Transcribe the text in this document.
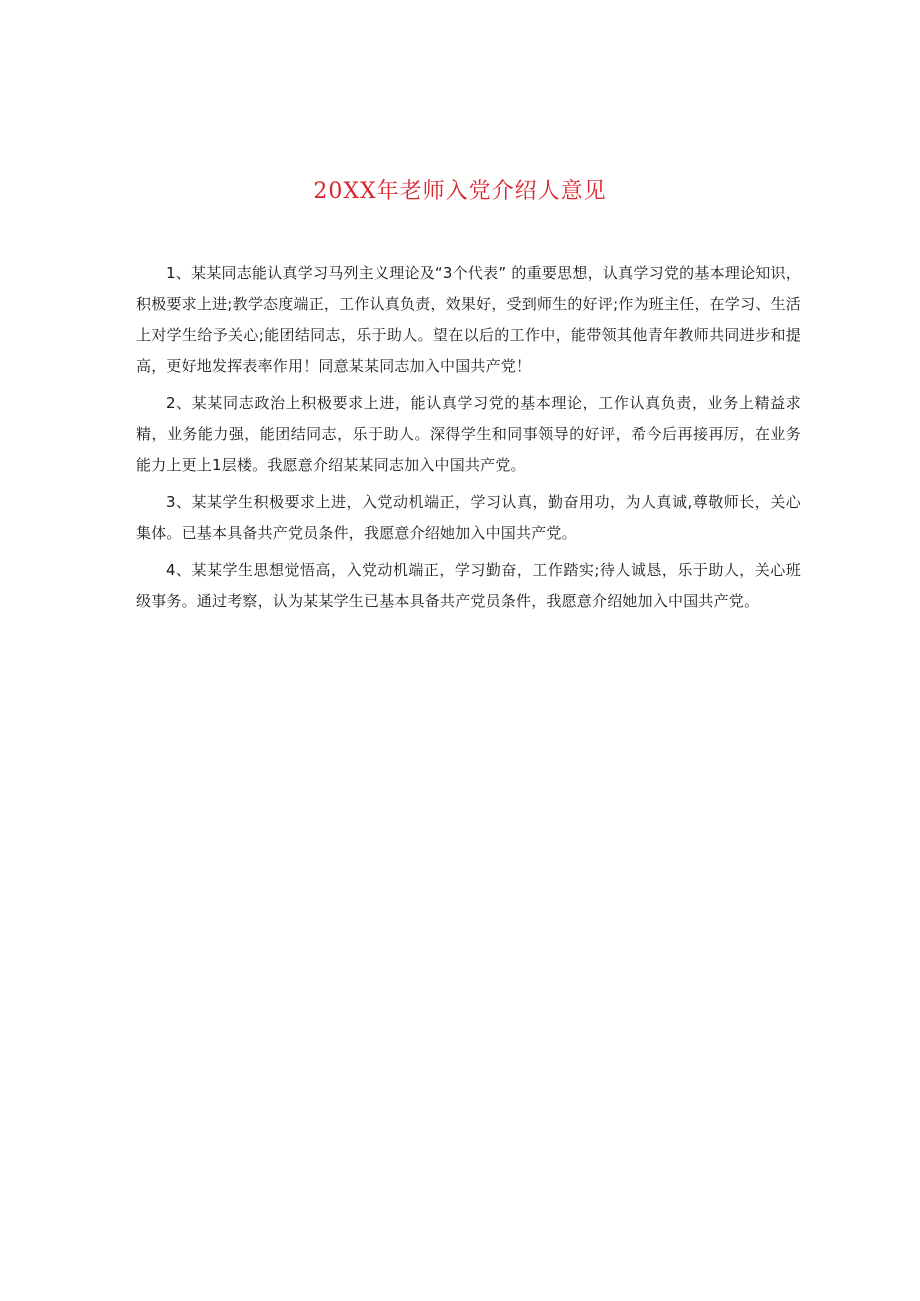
20XX年老师入党介绍人意见

1、某某同志能认真学习马列主义理论及“3个代表” 的重要思想，认真学习党的基本理论知识，积极要求上进;教学态度端正，工作认真负责，效果好，受到师生的好评;作为班主任，在学习、生活上对学生给予关心;能团结同志，乐于助人。望在以后的工作中，能带领其他青年教师共同进步和提高，更好地发挥表率作用！同意某某同志加入中国共产党！

2、某某同志政治上积极要求上进，能认真学习党的基本理论，工作认真负责，业务上精益求精，业务能力强，能团结同志，乐于助人。深得学生和同事领导的好评，希今后再接再厉，在业务能力上更上1层楼。我愿意介绍某某同志加入中国共产党。

3、某某学生积极要求上进，入党动机端正，学习认真，勤奋用功，为人真诚,尊敬师长，关心集体。已基本具备共产党员条件，我愿意介绍她加入中国共产党。

4、某某学生思想觉悟高，入党动机端正，学习勤奋，工作踏实;待人诚恳，乐于助人，关心班级事务。通过考察，认为某某学生已基本具备共产党员条件，我愿意介绍她加入中国共产党。
